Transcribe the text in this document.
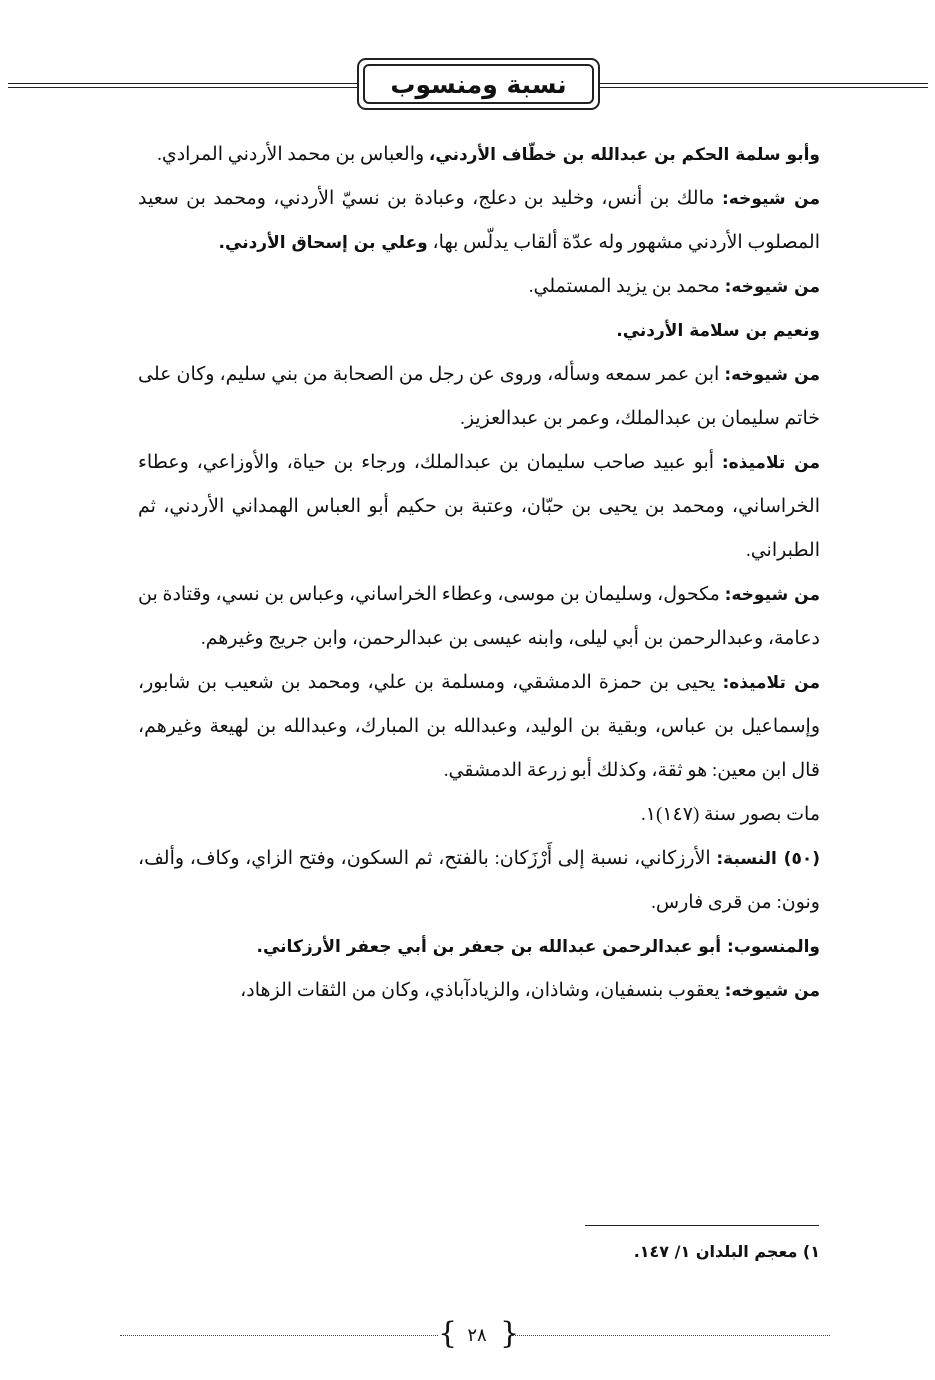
نسبة ومنسوب

وأبو سلمة الحكم بن عبدالله بن خطّاف الأردني، والعباس بن محمد الأردني المرادي.

من شيوخه: مالك بن أنس، وخليد بن دعلج، وعبادة بن نسيّ الأردني، ومحمد بن سعيد المصلوب الأردني مشهور وله عدّة ألقاب يدلّس بها، وعلي بن إسحاق الأردني.

من شيوخه: محمد بن يزيد المستملي.

ونعيم بن سلامة الأردني.

من شيوخه: ابن عمر سمعه وسأله، وروى عن رجل من الصحابة من بني سليم، وكان على خاتم سليمان بن عبدالملك، وعمر بن عبدالعزيز.

من تلاميذه: أبو عبيد صاحب سليمان بن عبدالملك، ورجاء بن حياة، والأوزاعي، وعطاء الخراساني، ومحمد بن يحيى بن حبّان، وعتبة بن حكيم أبو العباس الهمداني الأردني، ثم الطبراني.

من شيوخه: مكحول، وسليمان بن موسى، وعطاء الخراساني، وعباس بن نسي، وقتادة بن دعامة، وعبدالرحمن بن أبي ليلى، وابنه عيسى بن عبدالرحمن، وابن جريج وغيرهم.

من تلاميذه: يحيى بن حمزة الدمشقي، ومسلمة بن علي، ومحمد بن شعيب بن شابور، وإسماعيل بن عباس، وبقية بن الوليد، وعبدالله بن المبارك، وعبدالله بن لهيعة وغيرهم، قال ابن معين: هو ثقة، وكذلك أبو زرعة الدمشقي.

مات بصور سنة (١٤٧)١.

(٥٠) النسبة: الأرزكاني، نسبة إلى أَرْزَكان: بالفتح، ثم السكون، وفتح الزاي، وكاف، وألف، ونون: من قرى فارس.

والمنسوب: أبو عبدالرحمن عبدالله بن جعفر بن أبي جعفر الأرزكاني.

من شيوخه: يعقوب بنسفيان، وشاذان، والزيادآباذي، وكان من الثقات الزهاد،

١) معجم البلدان ١/ ١٤٧.
{ ٢٨ }
